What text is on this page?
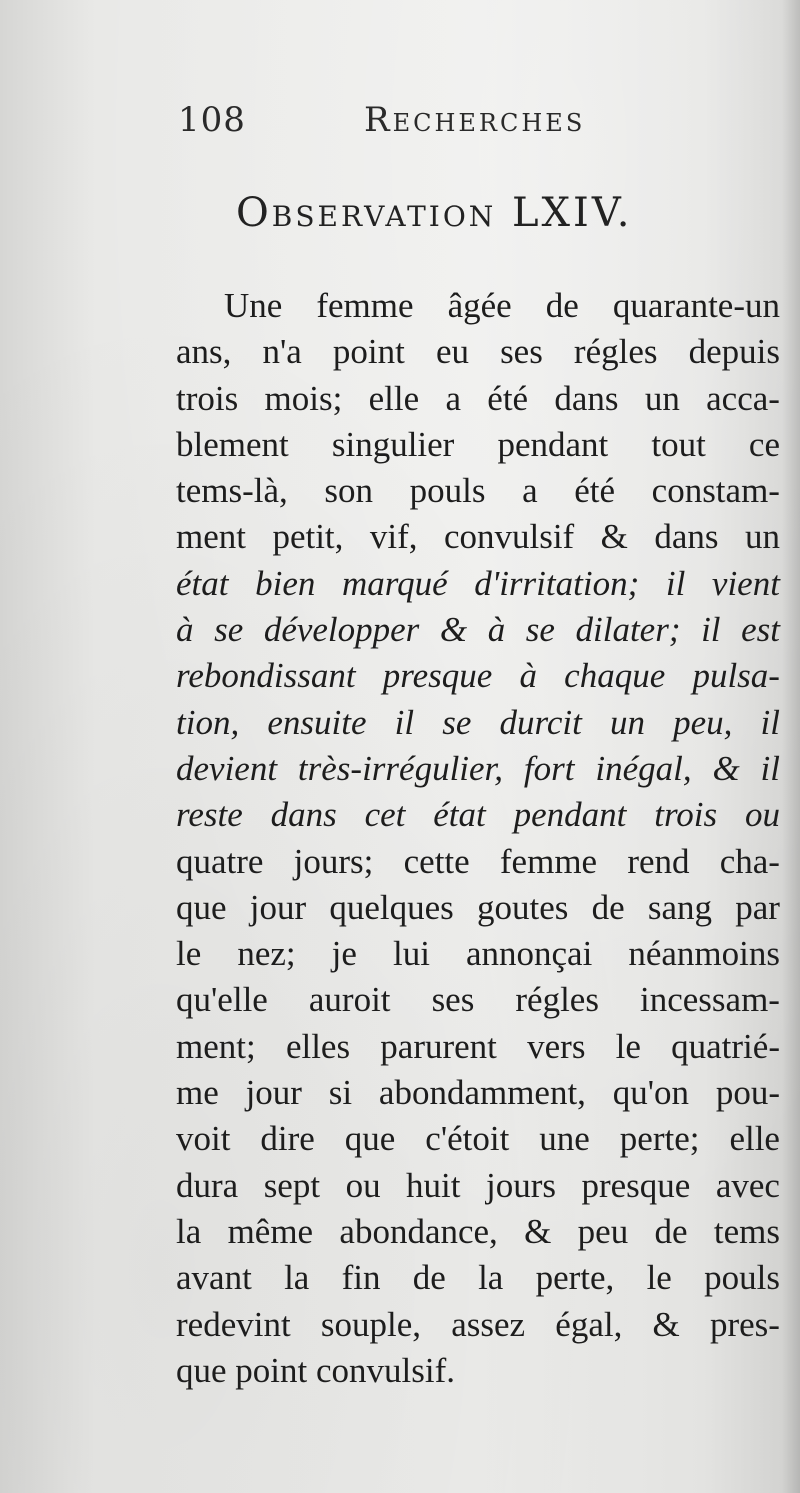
108	Recherches
Observation LXIV.
Une femme âgée de quarante-un
ans, n'a point eu ses régles depuis
trois mois; elle a été dans un acca-
blement singulier pendant tout ce
tems-là, son pouls a été constam-
ment petit, vif, convulsif & dans un
état bien marqué d'irritation; il vient
à se développer & à se dilater; il est
rebondissant presque à chaque pulsa-
tion, ensuite il se durcit un peu, il
devient très-irrégulier, fort inégal, & il
reste dans cet état pendant trois ou
quatre jours; cette femme rend cha-
que jour quelques goutes de sang par
le nez; je lui annonçai néanmoins
qu'elle auroit ses régles incessam-
ment; elles parurent vers le quatrié-
me jour si abondamment, qu'on pou-
voit dire que c'étoit une perte; elle
dura sept ou huit jours presque avec
la même abondance, & peu de tems
avant la fin de la perte, le pouls
redevint souple, assez égal, & pres-
que
point
convulsif.
